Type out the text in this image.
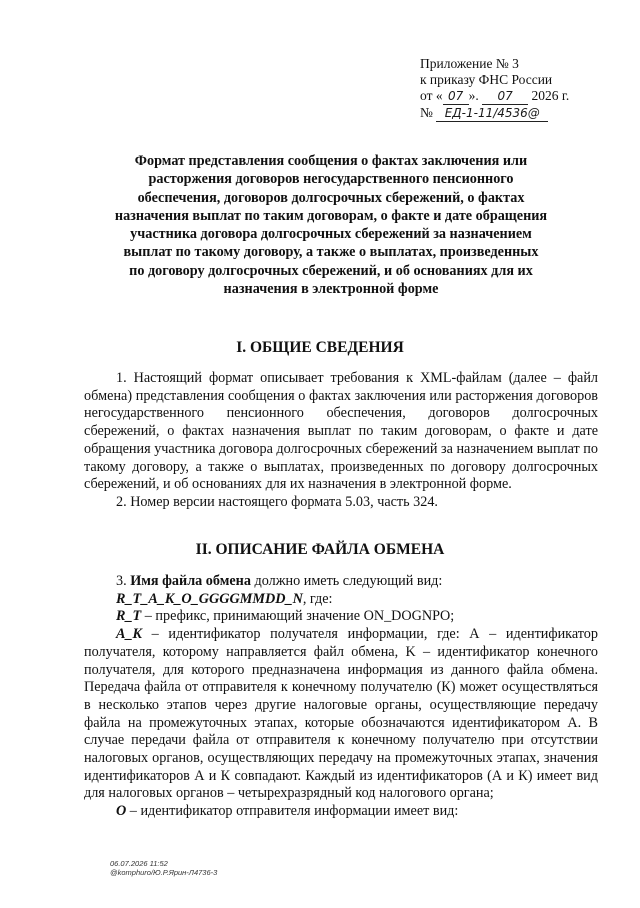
Приложение № 3
к приказу ФНС России
от « 07 ». 07 2026 г.
№ ЕД-1-11/4536@
Формат представления сообщения о фактах заключения или
расторжения договоров негосударственного пенсионного
обеспечения, договоров долгосрочных сбережений, о фактах
назначения выплат по таким договорам, о факте и дате обращения
участника договора долгосрочных сбережений за назначением
выплат по такому договору, а также о выплатах, произведенных
по договору долгосрочных сбережений, и об основаниях для их
назначения в электронной форме
I. ОБЩИЕ СВЕДЕНИЯ

1. Настоящий формат описывает требования к XML-файлам (далее – файл обмена) представления сообщения о фактах заключения или расторжения договоров негосударственного пенсионного обеспечения, договоров долгосрочных сбережений, о фактах назначения выплат по таким договорам, о факте и дате обращения участника договора долгосрочных сбережений за назначением выплат по такому договору, а также о выплатах, произведенных по договору долгосрочных сбережений, и об основаниях для их назначения в электронной форме.

2. Номер версии настоящего формата 5.03, часть 324.

II. ОПИСАНИЕ ФАЙЛА ОБМЕНА

3. Имя файла обмена должно иметь следующий вид:

R_T_A_K_O_GGGGMMDD_N, где:

R_T – префикс, принимающий значение ON_DOGNPO;

A_K – идентификатор получателя информации, где: А – идентификатор получателя, которому направляется файл обмена, K – идентификатор конечного получателя, для которого предназначена информация из данного файла обмена. Передача файла от отправителя к конечному получателю (К) может осуществляться в несколько этапов через другие налоговые органы, осуществляющие передачу файла на промежуточных этапах, которые обозначаются идентификатором А. В случае передачи файла от отправителя к конечному получателю при отсутствии налоговых органов, осуществляющих передачу на промежуточных этапах, значения идентификаторов А и К совпадают. Каждый из идентификаторов (А и К) имеет вид для налоговых органов – четырехразрядный код налогового органа;

O – идентификатор отправителя информации имеет вид:

06.07.2026 11:52
@komphuro/Ю.Р.Ярин-Л4736-3
